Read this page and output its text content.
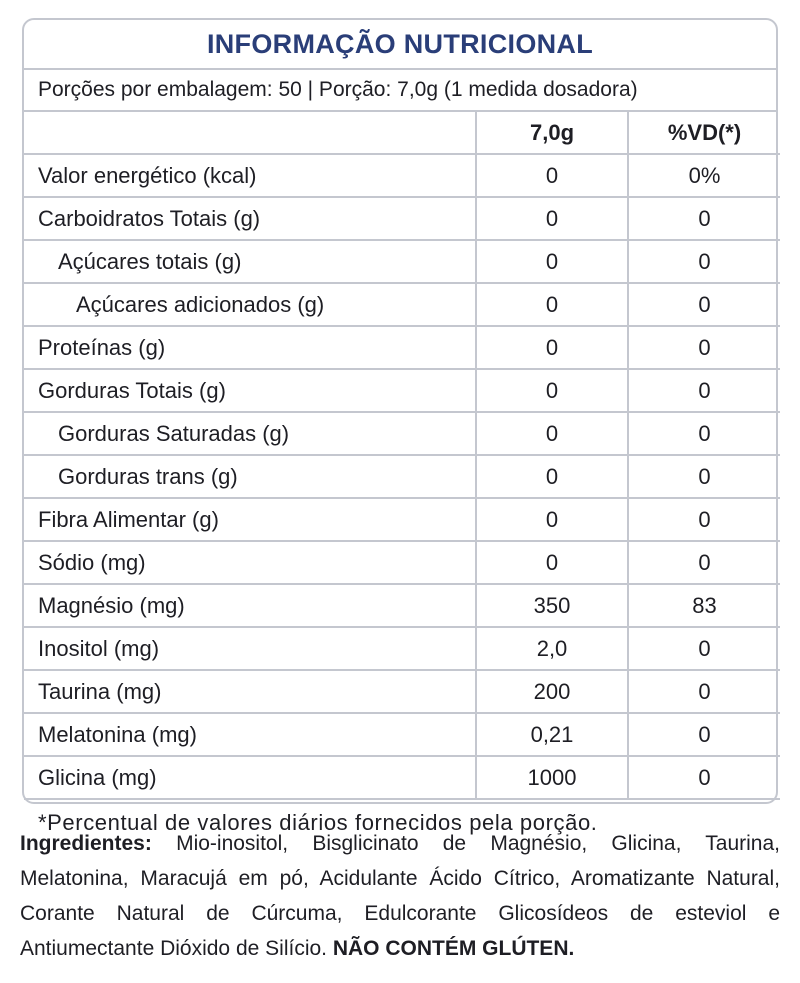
INFORMAÇÃO NUTRICIONAL
Porções por embalagem: 50 | Porção: 7,0g (1 medida dosadora)
	7,0g	%VD(*)
Valor energético (kcal)	0	0%
Carboidratos Totais (g)	0	0
Açúcares totais (g)	0	0
Açúcares adicionados (g)	0	0
Proteínas (g)	0	0
Gorduras Totais (g)	0	0
Gorduras Saturadas (g)	0	0
Gorduras trans (g)	0	0
Fibra Alimentar (g)	0	0
Sódio (mg)	0	0
Magnésio (mg)	350	83
Inositol (mg)	2,0	0
Taurina (mg)	200	0
Melatonina (mg)	0,21	0
Glicina (mg)	1000	0
*Percentual de valores diários fornecidos pela porção.
Ingredientes: Mio-inositol, Bisglicinato de Magnésio, Glicina, Taurina, Melatonina, Maracujá em pó, Acidulante Ácido Cítrico, Aromatizante Natural, Corante Natural de Cúrcuma, Edulcorante Glicosídeos de esteviol e Antiumectante Dióxido de Silício. NÃO CONTÉM GLÚTEN.
